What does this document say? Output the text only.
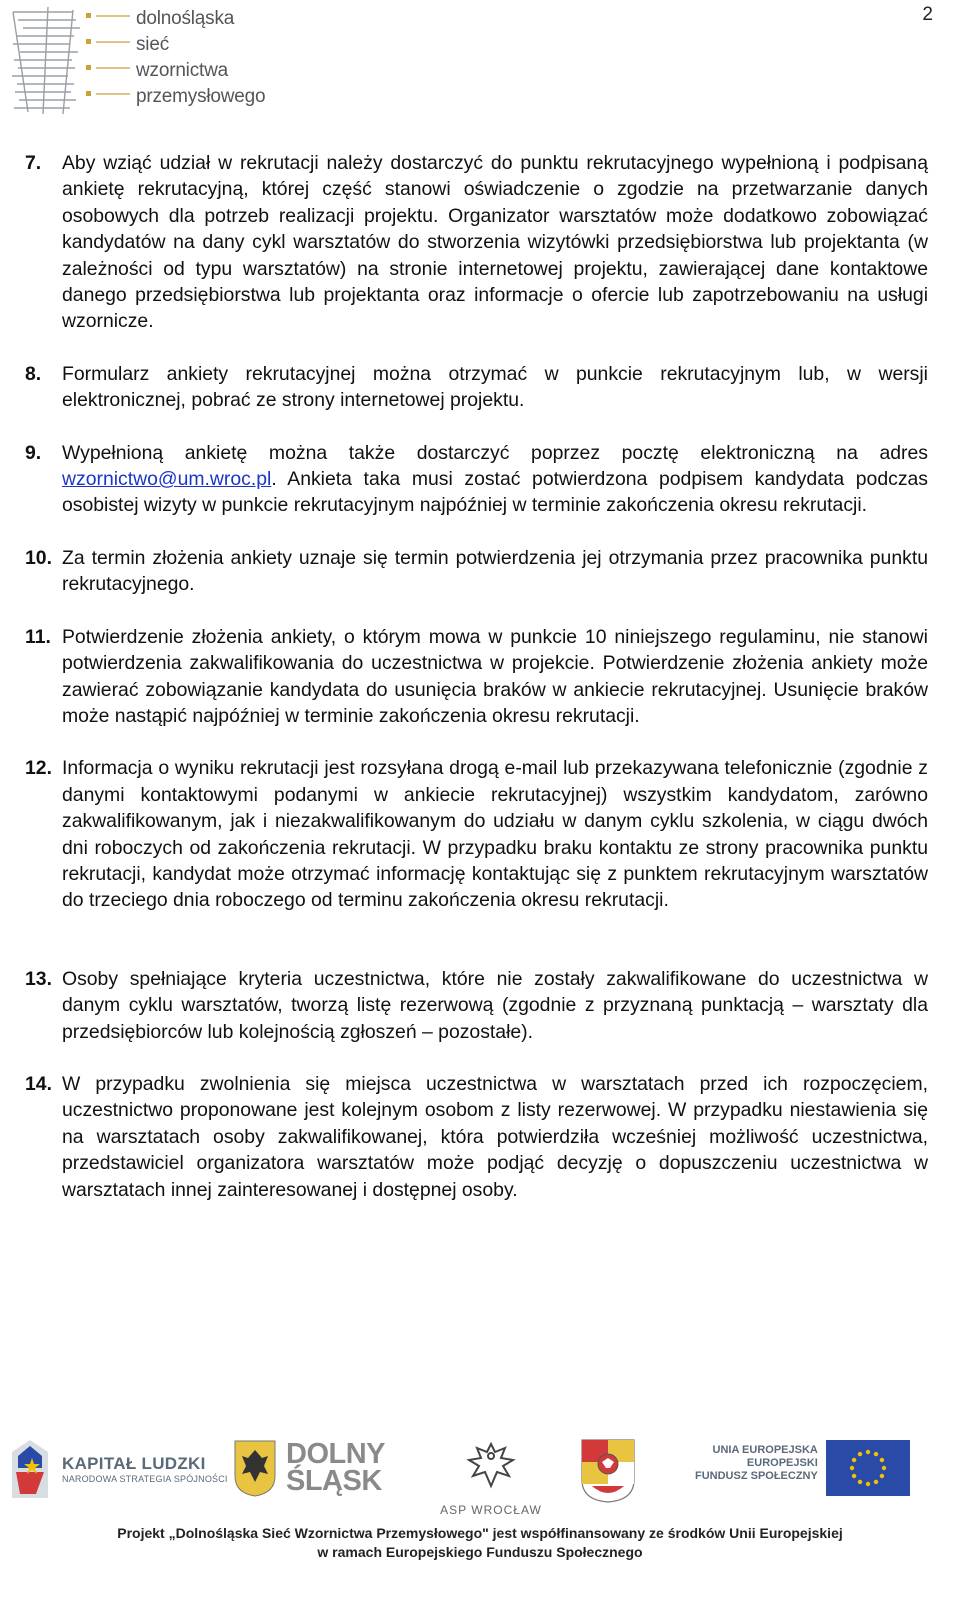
2
dolnośląska
sieć
wzornictwa
przemysłowego
7.	Aby wziąć udział w rekrutacji należy dostarczyć do punktu rekrutacyjnego wypełnioną i podpisaną ankietę rekrutacyjną, której część stanowi oświadczenie o zgodzie na przetwarzanie danych osobowych dla potrzeb realizacji projektu. Organizator warsztatów może dodatkowo zobowiązać kandydatów na dany cykl warsztatów do stworzenia wizytówki przedsiębiorstwa lub projektanta (w zależności od typu warsztatów) na stronie internetowej projektu, zawierającej dane kontaktowe danego przedsiębiorstwa lub projektanta oraz informacje o ofercie lub zapotrzebowaniu na usługi wzornicze.
8.	Formularz ankiety rekrutacyjnej można otrzymać w punkcie rekrutacyjnym lub, w wersji elektronicznej, pobrać ze strony internetowej projektu.
9.	Wypełnioną ankietę można także dostarczyć poprzez pocztę elektroniczną na adres wzornictwo@um.wroc.pl. Ankieta taka musi zostać potwierdzona podpisem kandydata podczas osobistej wizyty w punkcie rekrutacyjnym najpóźniej w terminie zakończenia okresu rekrutacji.
10. Za termin złożenia ankiety uznaje się termin potwierdzenia jej otrzymania przez pracownika punktu rekrutacyjnego.
11. Potwierdzenie złożenia ankiety, o którym mowa w punkcie 10 niniejszego regulaminu, nie stanowi potwierdzenia zakwalifikowania do uczestnictwa w projekcie. Potwierdzenie złożenia ankiety może zawierać zobowiązanie kandydata do usunięcia braków w ankiecie rekrutacyjnej. Usunięcie braków może nastąpić najpóźniej w terminie zakończenia okresu rekrutacji.
12. Informacja o wyniku rekrutacji jest rozsyłana drogą e-mail lub przekazywana telefonicznie (zgodnie z danymi kontaktowymi podanymi w ankiecie rekrutacyjnej) wszystkim kandydatom, zarówno zakwalifikowanym, jak i niezakwalifikowanym do udziału w danym cyklu szkolenia, w ciągu dwóch dni roboczych od zakończenia rekrutacji. W przypadku braku kontaktu ze strony pracownika punktu rekrutacji, kandydat może otrzymać informację kontaktując się z punktem rekrutacyjnym warsztatów do trzeciego dnia roboczego od terminu zakończenia okresu rekrutacji.
13. Osoby spełniające kryteria uczestnictwa, które nie zostały zakwalifikowane do uczestnictwa w danym cyklu warsztatów, tworzą listę rezerwową (zgodnie z przyznaną punktacją – warsztaty dla przedsiębiorców lub kolejnością zgłoszeń – pozostałe).
14. W przypadku zwolnienia się miejsca uczestnictwa w warsztatach przed ich rozpoczęciem, uczestnictwo proponowane jest kolejnym osobom z listy rezerwowej. W przypadku niestawienia się na warsztatach osoby zakwalifikowanej, która potwierdziła wcześniej możliwość uczestnictwa, przedstawiciel organizatora warsztatów może podjąć decyzję o dopuszczeniu uczestnictwa w warsztatach innej zainteresowanej i dostępnej osoby.
KAPITAŁ LUDZKI
NARODOWA STRATEGIA SPÓJNOŚCI
DOLNY
ŚLĄSK
ASP WROCŁAW
UNIA EUROPEJSKA
EUROPEJSKI
FUNDUSZ SPOŁECZNY
Projekt „Dolnośląska Sieć Wzornictwa Przemysłowego" jest współfinansowany ze środków Unii Europejskiej
w ramach Europejskiego Funduszu Społecznego
